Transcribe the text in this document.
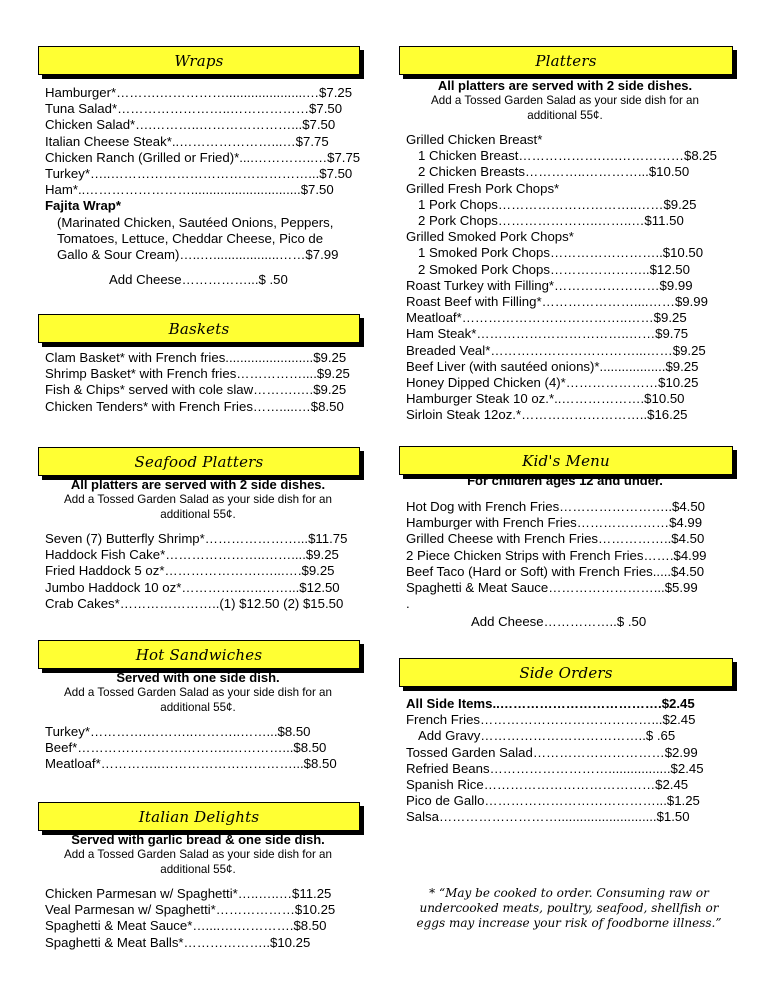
Wraps
Hamburger*……….……………......................…$7.25
Tuna Salad*……………………..………………$7.50
Chicken Salad*….………..…………………...$7.50
Italian Cheese Steak*..…………………...…$7.75
Chicken Ranch (Grilled or Fried)*....…………..…$7.75
Turkey*…..………………………………………...$7.50
Ham*..……………………..............................$7.50
Fajita Wrap*
(Marinated Chicken, Sautéed Onions, Peppers,
Tomatoes, Lettuce, Cheddar Cheese, Pico de
Gallo & Sour Cream)…..…..................……$7.99
Add Cheese……………...$ .50
Baskets
Clam Basket* with French fries........................$9.25
Shrimp Basket* with French fries……………....$9.25
Fish & Chips* served with cole slaw……….….$9.25
Chicken Tenders* with French Fries…….....…$8.50
Seafood Platters
All platters are served with 2 side dishes.
Add a Tossed Garden Salad as your side dish for an
additional 55¢.
Seven (7) Butterfly Shrimp*…………………...$11.75
Haddock Fish Cake*…………………..……....$9.25
Fried Haddock 5 oz*………………….…...….$9.25
Jumbo Haddock 10 oz*…………..…..……...$12.50
Crab Cakes*…………………..(1) $12.50 (2) $15.50
Hot Sandwiches
Served with one side dish.
Add a Tossed Garden Salad as your side dish for an
additional 55¢.
Turkey*………….………..………..……...$8.50
Beef*……………………………..…………...$8.50
Meatloaf*…………..…………………………...$8.50
Italian Delights
Served with garlic bread & one side dish.
Add a Tossed Garden Salad as your side dish for an
additional 55¢.
Chicken Parmesan w/ Spaghetti*…..…..…$11.25
Veal Parmesan w/ Spaghetti*………………$10.25
Spaghetti & Meat Sauce*…....….………….$8.50
Spaghetti & Meat Balls*………………..$10.25
Platters
All platters are served with 2 side dishes.
Add a Tossed Garden Salad as your side dish for an
additional 55¢.
Grilled Chicken Breast*
1 Chicken Breast……………….….……………$8.25
2 Chicken Breasts…………..…………...$10.50
Grilled Fresh Pork Chops*
1 Pork Chops…………………………..……$9.25
2 Pork Chops…………………..……..…$11.50
Grilled Smoked Pork Chops*
1 Smoked Pork Chops……………………..$10.50
2 Smoked Pork Chops…………………..$12.50
Roast Turkey with Filling*……………………$9.99
Roast Beef with Filling*…………………....……$9.99
Meatloaf*………………………………..……$9.25
Ham Steak*……………………………..……$9.75
Breaded Veal*……………………………...……$9.25
Beef Liver (with sautéed onions)*..................$9.25
Honey Dipped Chicken (4)*…………………$10.25
Hamburger Steak 10 oz.*..……………….$10.50
Sirloin Steak 12oz.*………………………..$16.25
Kid's Menu
For children ages 12 and under.
Hot Dog with French Fries……………………..$4.50
Hamburger with French Fries…………………$4.99
Grilled Cheese with French Fries……………..$4.50
2 Piece Chicken Strips with French Fries…….$4.99
Beef Taco (Hard or Soft) with French Fries.....$4.50
Spaghetti & Meat Sauce……………………...$5.99
.
Add Cheese……………..$ .50
Side Orders
All Side Items..……………………………….$2.45
French Fries…………………………………...$2.45
Add Gravy………………………………..$ .65
Tossed Garden Salad…………………………$2.99
Refried Beans……………………….................$2.45
Spanish Rice…………………………………$2.45
Pico de Gallo…………………………………...$1.25
Salsa………………………...........................$1.50
* “May be cooked to order. Consuming raw or
undercooked meats, poultry, seafood, shellfish or
eggs may increase your risk of foodborne illness.”
